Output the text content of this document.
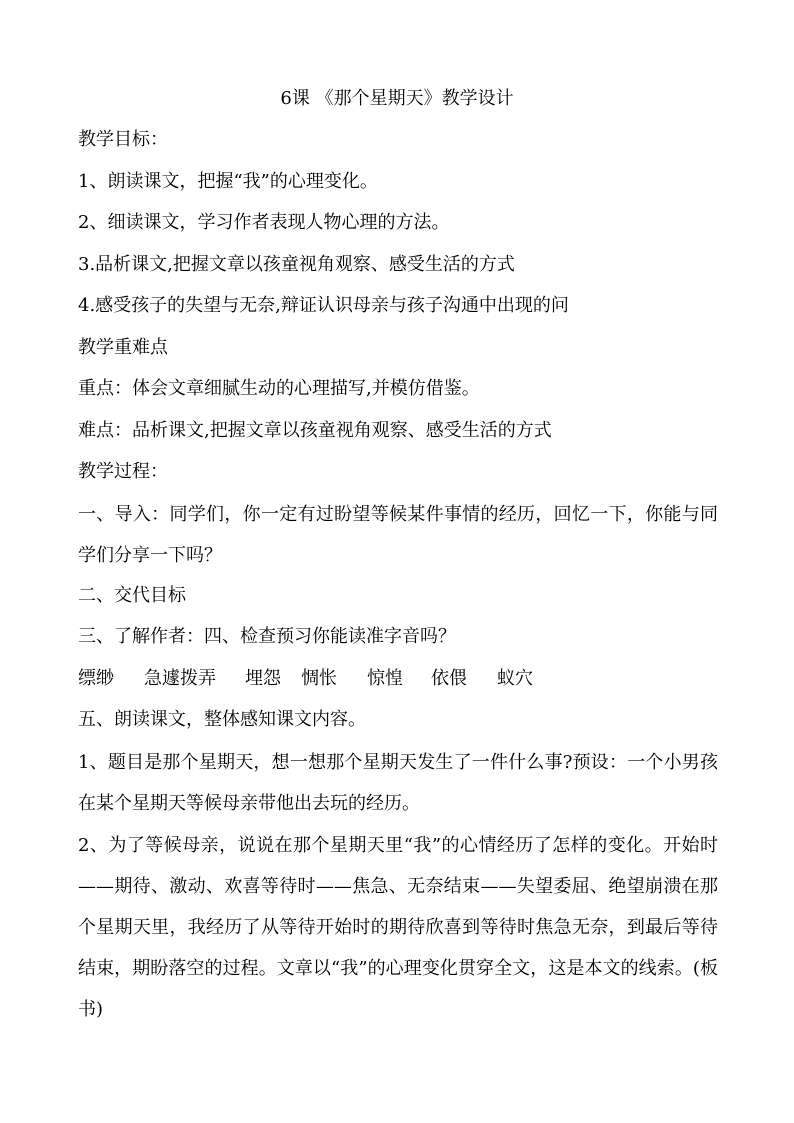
6课 《那个星期天》教学设计
教学目标：
1、朗读课文，把握“我”的心理变化。
2、细读课文，学习作者表现人物心理的方法。
3.品析课文,把握文章以孩童视角观察、感受生活的方式
4.感受孩子的失望与无奈,辩证认识母亲与孩子沟通中出现的问
教学重难点
重点：体会文章细腻生动的心理描写,并模仿借鉴。
难点：品析课文,把握文章以孩童视角观察、感受生活的方式
教学过程：
一、导入：同学们，你一定有过盼望等候某件事情的经历，回忆一下，你能与同学们分享一下吗？
二、交代目标
三、了解作者：四、检查预习你能读准字音吗？
缥缈 急遽拨弄 埋怨 惆怅 惊惶 依偎 蚁穴
五、朗读课文，整体感知课文内容。
1、题目是那个星期天，想一想那个星期天发生了一件什么事?预设：一个小男孩在某个星期天等候母亲带他出去玩的经历。
2、为了等候母亲，说说在那个星期天里“我”的心情经历了怎样的变化。开始时——期待、激动、欢喜等待时——焦急、无奈结束——失望委屈、绝望崩溃在那个星期天里，我经历了从等待开始时的期待欣喜到等待时焦急无奈，到最后等待结束，期盼落空的过程。文章以“我”的心理变化贯穿全文，这是本文的线索。(板书)
